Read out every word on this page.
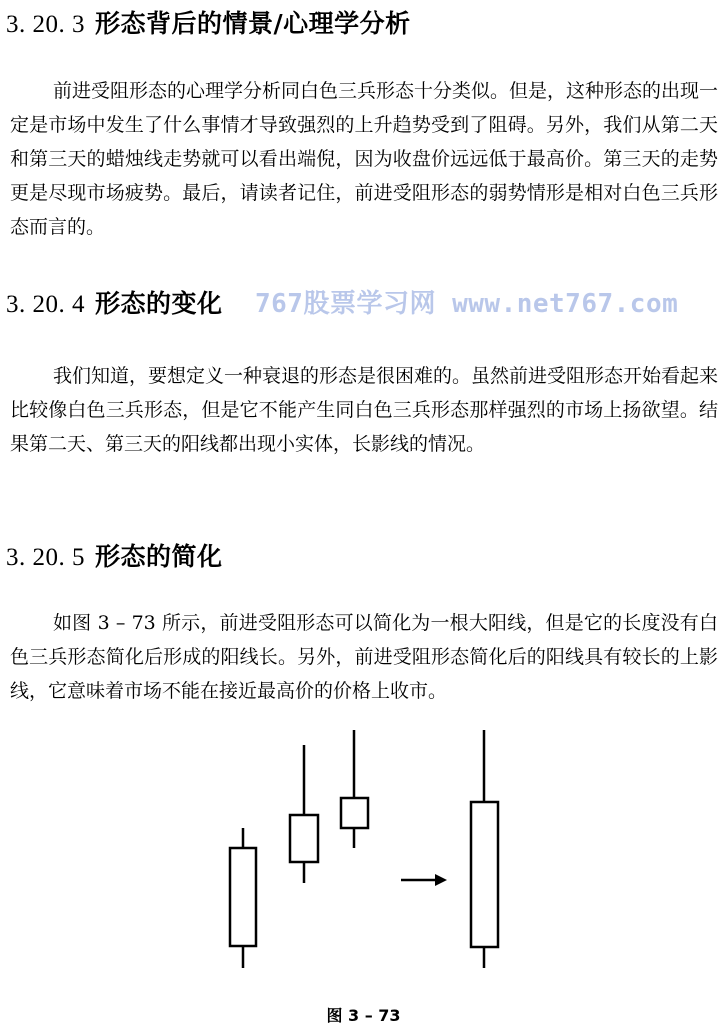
3. 20. 3 形态背后的情景/心理学分析
前进受阻形态的心理学分析同白色三兵形态十分类似。但是，这种形态的出现一定是市场中发生了什么事情才导致强烈的上升趋势受到了阻碍。另外，我们从第二天和第三天的蜡烛线走势就可以看出端倪，因为收盘价远远低于最高价。第三天的走势更是尽现市场疲势。最后，请读者记住，前进受阻形态的弱势情形是相对白色三兵形态而言的。
3. 20. 4 形态的变化 767股票学习网 www.net767.com
我们知道，要想定义一种衰退的形态是很困难的。虽然前进受阻形态开始看起来比较像白色三兵形态，但是它不能产生同白色三兵形态那样强烈的市场上扬欲望。结果第二天、第三天的阳线都出现小实体，长影线的情况。
3. 20. 5 形态的简化
如图 3 – 73 所示，前进受阻形态可以简化为一根大阳线，但是它的长度没有白色三兵形态简化后形成的阳线长。另外，前进受阻形态简化后的阳线具有较长的上影线，它意味着市场不能在接近最高价的价格上收市。
图 3 – 73
